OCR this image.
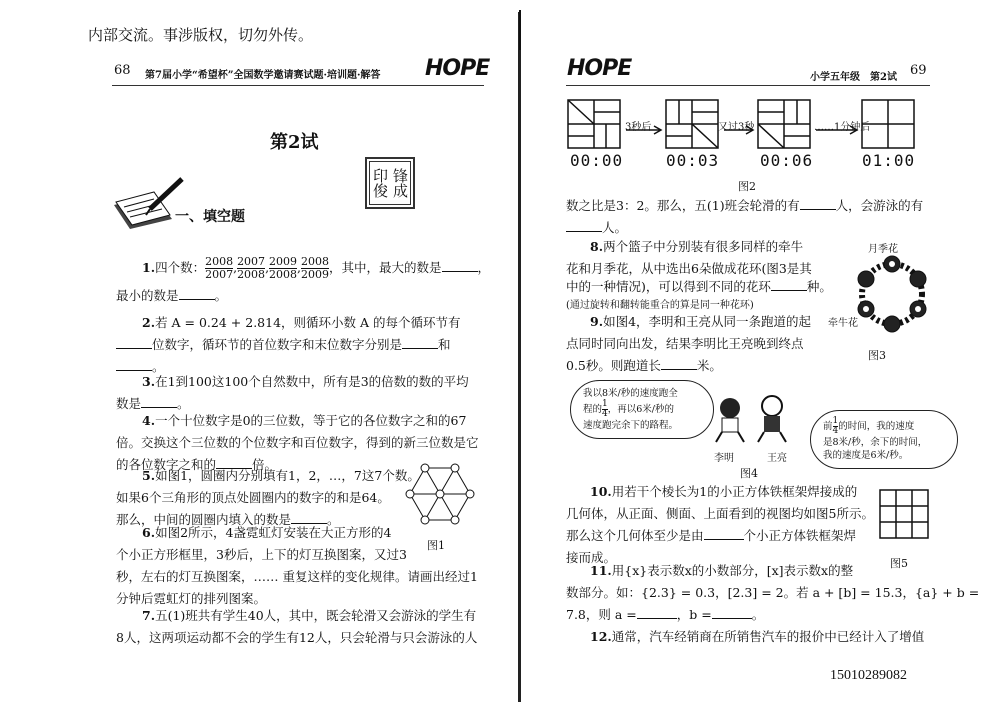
内部交流。事涉版权，切勿外传。
15010289082
68 第7届小学“希望杯”全国数学邀请赛试题·培训题·解答 HOPE
第2试
锋成印俊
一、填空题
1.四个数： $\frac{2008}{2007}$ , $\frac{2007}{2008}$ , $\frac{2009}{2008}$ , $\frac{2008}{2009}$ ，其中，最大的数是	，
最小的数是	。
2.若 A = 0.24 + 2.814，则循环小数 A 的每个循环节有
位数字，循环节的首位数字和末位数字分别是	和
。
3.在1到100这100个自然数中，所有是3的倍数的数的平均
数是	。
4.一个十位数字是0的三位数，等于它的各位数字之和的67
倍。交换这个三位数的个位数字和百位数字，得到的新三位数是它
的各位数字之和的	倍。
5.如图1，圆圈内分别填有1，2，…，7这7个数。
如果6个三角形的顶点处圆圈内的数字的和是64。
那么，中间的圆圈内填入的数是	。
图1
6.如图2所示，4盏霓虹灯安装在大正方形的4
个小正方形框里，3秒后，上下的灯互换图案，又过3
秒，左右的灯互换图案，…… 重复这样的变化规律。请画出经过1
分钟后霓虹灯的排列图案。
7.五(1)班共有学生40人，其中，既会轮滑又会游泳的学生有
8人，这两项运动都不会的学生有12人，只会轮滑与只会游泳的人
HOPE	小学五年级　第2试 69
3秒后	又过3秒	……1分钟后
00:00	00:03	00:06	01:00
图2
数之比是3：2。那么，五(1)班会轮滑的有	人，会游泳的有
人。
8.两个篮子中分别装有很多同样的牵牛
花和月季花，从中选出6朵做成花环(图3是其
中的一种情况)，可以得到不同的花环	种。
(通过旋转和翻转能重合的算是同一种花环)
月季花
牵牛花
图3
9.如图4，李明和王亮从同一条跑道的起
点同时同向出发，结果李明比王亮晚到终点
0.5秒。则跑道长	米。
我以8米/秒的速度跑全
程的 $\frac{1}{4}$ ，再以6米/秒的
速度跑完余下的路程。	前 $\frac{1}{4}$ 的时间，我的速度
是8米/秒，余下的时间，
我的速度是6米/秒。
李明	王亮
图4
10.用若干个棱长为1的小正方体铁框架焊接成的
几何体，从正面、侧面、上面看到的视图均如图5所示。
那么这个几何体至少是由	个小正方体铁框架焊
接而成。	图5
11.用{x}表示数x的小数部分，[x]表示数x的整
数部分。如：{2.3} = 0.3，[2.3] = 2。若 a + [b] = 15.3，{a} + b =
7.8，则 a =	，b =	。
12.通常，汽车经销商在所销售汽车的报价中已经计入了增值
